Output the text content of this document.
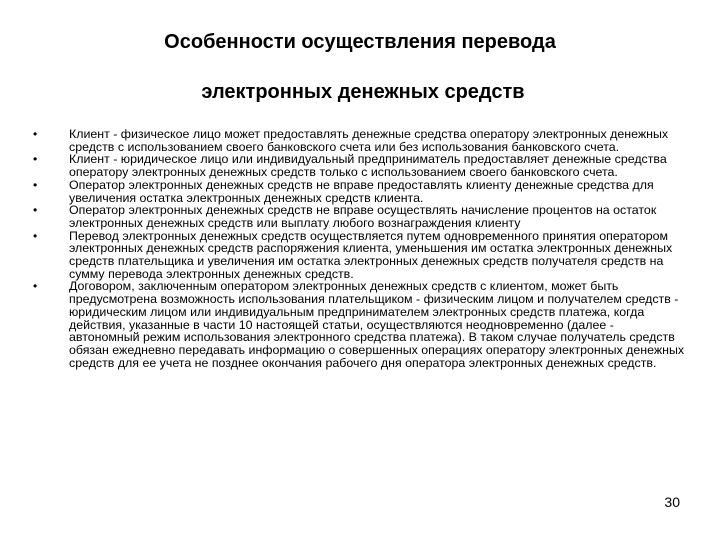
Особенности осуществления перевода
электронных денежных средств
•	Клиент - физическое лицо может предоставлять денежные средства оператору электронных денежных средств с использованием своего банковского счета или без использования банковского счета.
•	Клиент - юридическое лицо или индивидуальный предприниматель предоставляет денежные средства оператору электронных денежных средств только с использованием своего банковского счета.
•	Оператор электронных денежных средств не вправе предоставлять клиенту денежные средства для увеличения остатка электронных денежных средств клиента.
•	Оператор электронных денежных средств не вправе осуществлять начисление процентов на остаток электронных денежных средств или выплату любого вознаграждения клиенту
•	Перевод электронных денежных средств осуществляется путем одновременного принятия оператором электронных денежных средств распоряжения клиента, уменьшения им остатка электронных денежных средств плательщика и увеличения им остатка электронных денежных средств получателя средств на сумму перевода электронных денежных средств.
•	Договором, заключенным оператором электронных денежных средств с клиентом, может быть предусмотрена возможность использования плательщиком - физическим лицом и получателем средств - юридическим лицом или индивидуальным предпринимателем электронных средств платежа, когда действия, указанные в части 10 настоящей статьи, осуществляются неодновременно (далее - автономный режим использования электронного средства платежа). В таком случае получатель средств обязан ежедневно передавать информацию о совершенных операциях оператору электронных денежных средств для ее учета не позднее окончания рабочего дня оператора электронных денежных средств.
30
